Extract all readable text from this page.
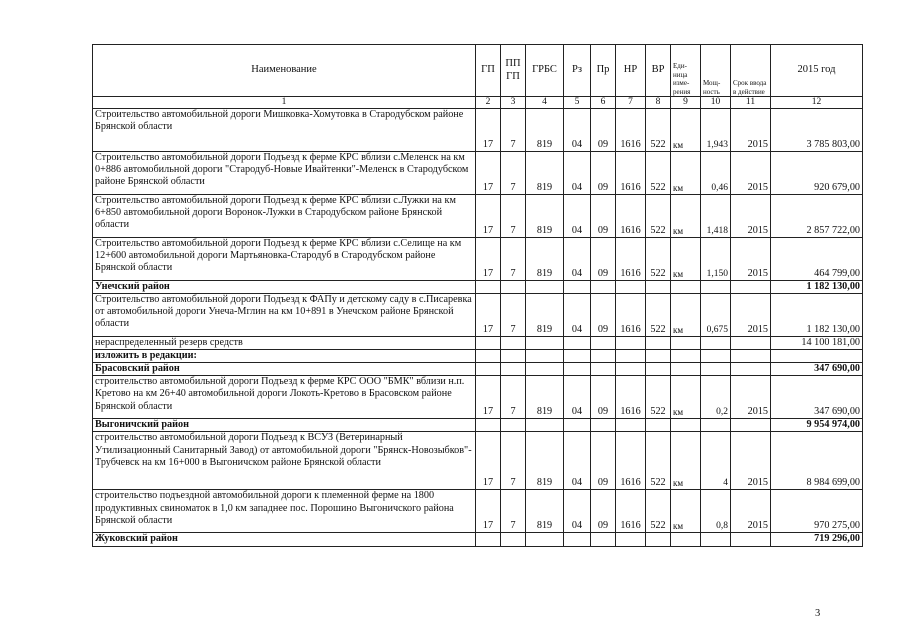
Наименование	ГП	ПП ГП	ГРБС	Рз	Пр	НР	ВР	Еди-ница изме-рения	Мощ-ность	Срок ввода в действие	2015 год
1	2	3	4	5	6	7	8	9	10	11	12
Строительство автомобильной дороги Мишковка-Хомутовка в Стародубском районе Брянской области	17	7	819	04	09	1616	522	км	1,943	2015	3 785 803,00
Строительство автомобильной дороги Подъезд к ферме КРС вблизи с.Меленск на км 0+886 автомобильной дороги "Стародуб-Новые Ивайтенки"-Меленск в Стародубском районе Брянской области	17	7	819	04	09	1616	522	км	0,46	2015	920 679,00
Строительство автомобильной дороги Подъезд к ферме КРС вблизи с.Лужки на км 6+850 автомобильной дороги Воронок-Лужки в Стародубском районе Брянской области	17	7	819	04	09	1616	522	км	1,418	2015	2 857 722,00
Строительство автомобильной дороги Подъезд к ферме КРС вблизи с.Селище на км 12+600 автомобильной дороги Мартьяновка-Стародуб в Стародубском районе Брянской области	17	7	819	04	09	1616	522	км	1,150	2015	464 799,00
Унечский район											1 182 130,00
Строительство автомобильной дороги Подъезд к ФАПу и детскому саду в с.Писаревка от автомобильной дороги Унеча-Мглин на км 10+891 в Унечском районе Брянской области	17	7	819	04	09	1616	522	км	0,675	2015	1 182 130,00
нераспределенный резерв средств											14 100 181,00
изложить в редакции:											
Брасовский район											347 690,00
строительство автомобильной дороги Подъезд к ферме КРС ООО "БМК" вблизи н.п. Кретово на км 26+40 автомобильной дороги Локоть-Кретово в Брасовском районе Брянской области	17	7	819	04	09	1616	522	км	0,2	2015	347 690,00
Выгоничский район											9 954 974,00
строительство автомобильной дороги Подъезд к ВСУЗ (Ветеринарный Утилизационный Санитарный Завод) от автомобильной дороги "Брянск-Новозыбков"-Трубчевск на км 16+000 в Выгоничском районе Брянской области	17	7	819	04	09	1616	522	км	4	2015	8 984 699,00
строительство подъездной автомобильной дороги к племенной ферме на 1800 продуктивных свиноматок в 1,0 км западнее пос. Порошино Выгоничского района Брянской области	17	7	819	04	09	1616	522	км	0,8	2015	970 275,00
Жуковский район											719 296,00
3
